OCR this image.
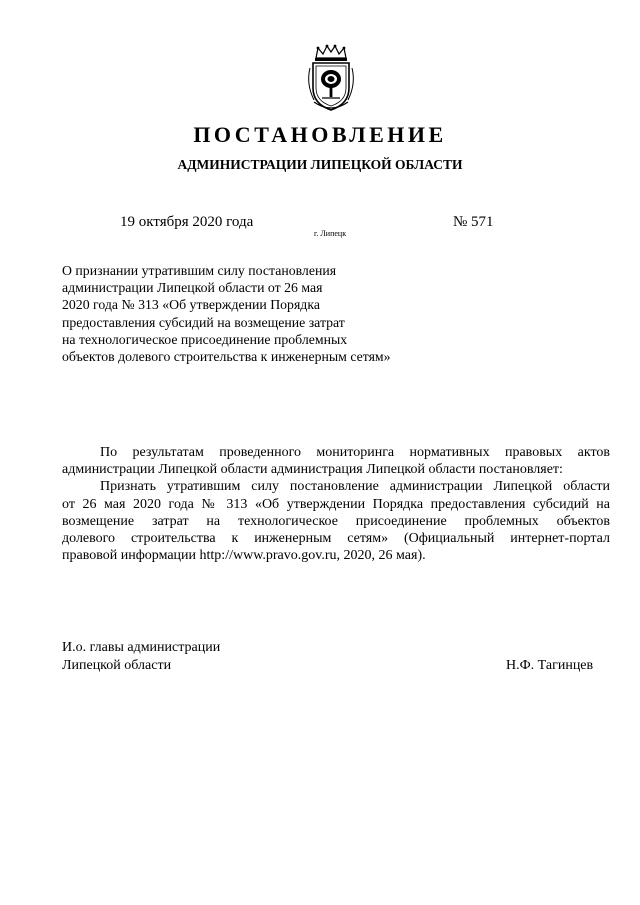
ПОСТАНОВЛЕНИЕ
АДМИНИСТРАЦИИ ЛИПЕЦКОЙ ОБЛАСТИ
19 октября 2020 года
г. Липецк
№ 571
О признании утратившим силу постановления
администрации Липецкой области от 26 мая
2020 года № 313 «Об утверждении Порядка
предоставления субсидий на возмещение затрат
на технологическое присоединение проблемных
объектов долевого строительства к инженерным сетям»
По результатам проведенного мониторинга нормативных правовых актов
администрации Липецкой области администрация Липецкой области постановляет:
Признать утратившим силу постановление администрации Липецкой области
от 26 мая 2020 года № 313 «Об утверждении Порядка предоставления субсидий на
возмещение затрат на технологическое присоединение проблемных объектов
долевого строительства к инженерным сетям» (Официальный интернет-портал
правовой информации http://www.pravo.gov.ru, 2020, 26 мая).
И.о. главы администрации
Липецкой области	Н.Ф. Тагинцев
